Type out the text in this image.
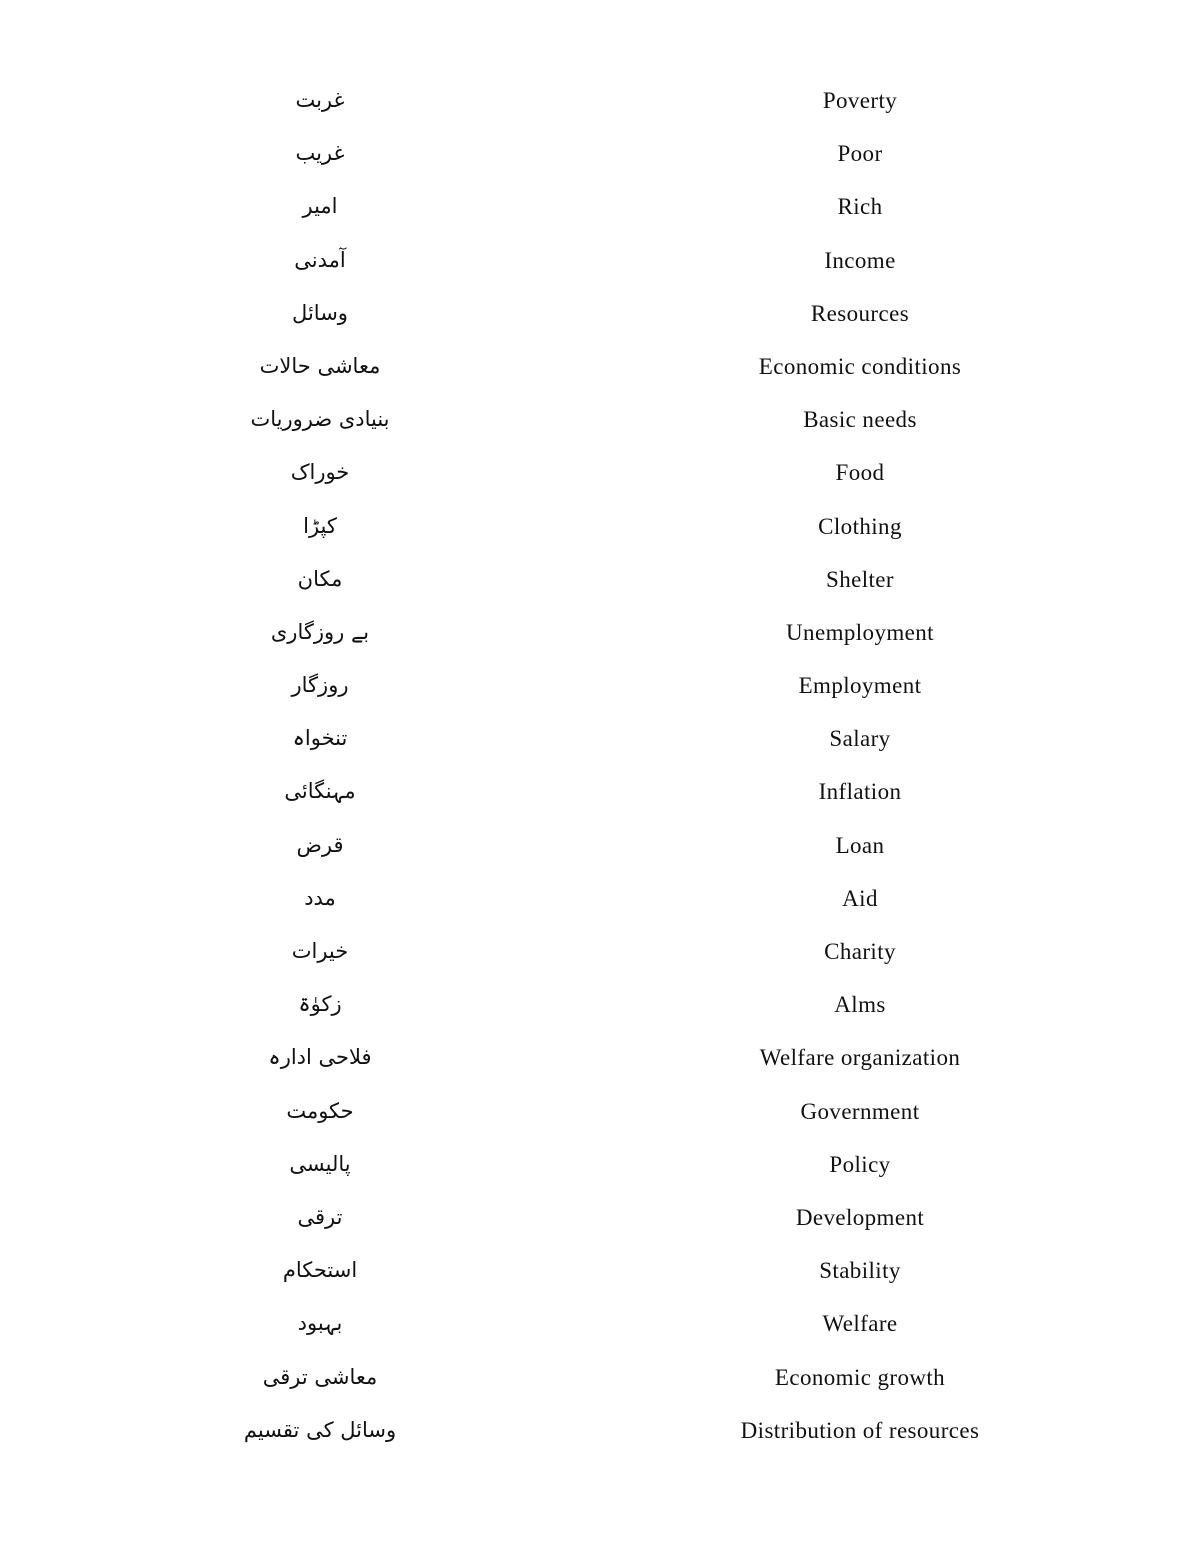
غربت	Poverty
غریب	Poor
امیر	Rich
آمدنی	Income
وسائل	Resources
معاشی حالات	Economic conditions
بنیادی ضروریات	Basic needs
خوراک	Food
کپڑا	Clothing
مکان	Shelter
بے روزگاری	Unemployment
روزگار	Employment
تنخواہ	Salary
مہنگائی	Inflation
قرض	Loan
مدد	Aid
خیرات	Charity
زکوٰۃ	Alms
فلاحی ادارہ	Welfare organization
حکومت	Government
پالیسی	Policy
ترقی	Development
استحکام	Stability
بہبود	Welfare
معاشی ترقی	Economic growth
وسائل کی تقسیم	Distribution of resources
